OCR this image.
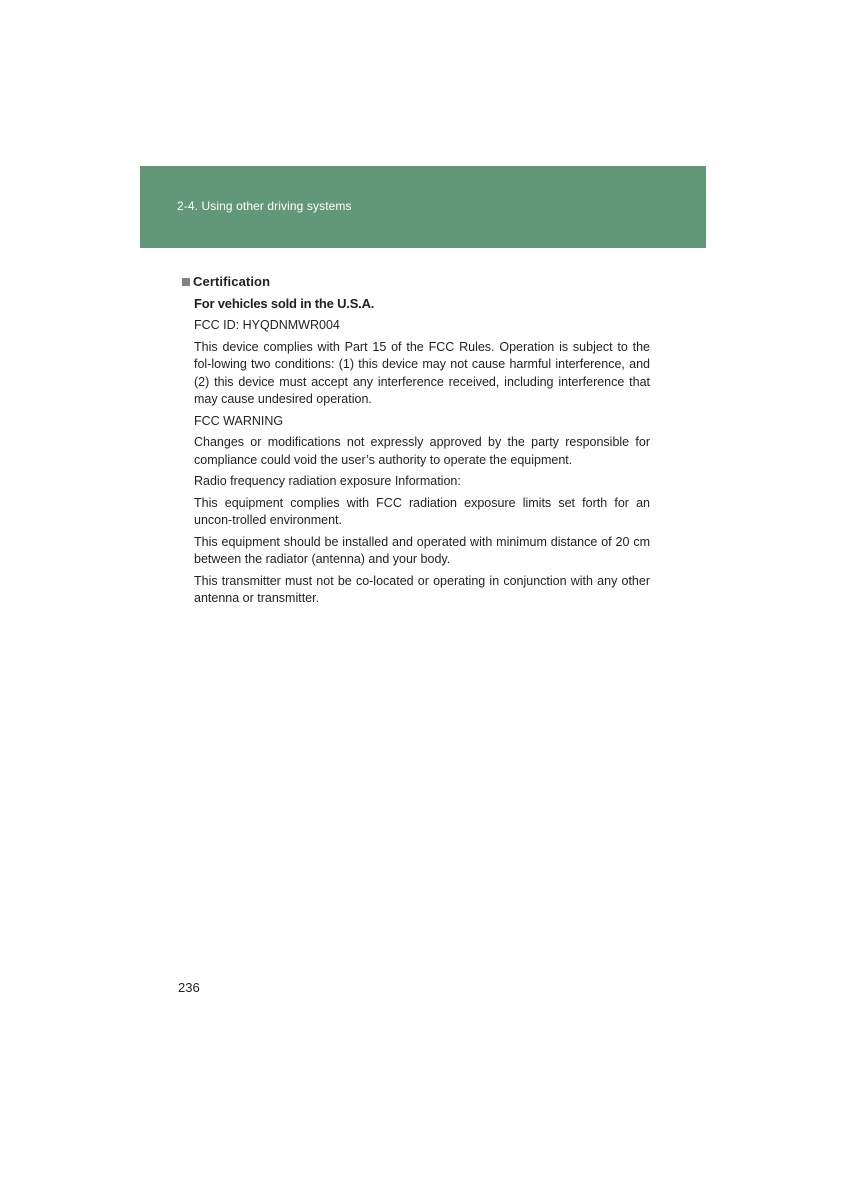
2-4. Using other driving systems
Certification
For vehicles sold in the U.S.A.
FCC ID: HYQDNMWR004
This device complies with Part 15 of the FCC Rules. Operation is subject to the fol-lowing two conditions: (1) this device may not cause harmful interference, and (2) this device must accept any interference received, including interference that may cause undesired operation.
FCC WARNING
Changes or modifications not expressly approved by the party responsible for compliance could void the user’s authority to operate the equipment.
Radio frequency radiation exposure Information:
This equipment complies with FCC radiation exposure limits set forth for an uncon-trolled environment.
This equipment should be installed and operated with minimum distance of 20 cm between the radiator (antenna) and your body.
This transmitter must not be co-located or operating in conjunction with any other antenna or transmitter.
236
